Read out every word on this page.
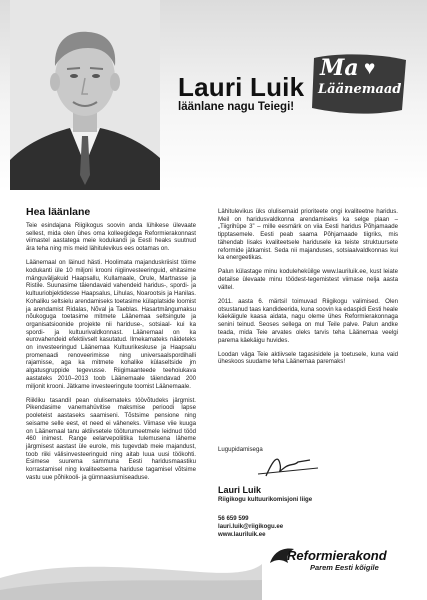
Lauri Luik
läänlane nagu Teiegi!
Ma ♥
Läänemaad
Hea läänlane

Teie esindajana Riigikogus soovin anda lühikese ülevaate sellest, mida olen ühes oma kolleegidega Reformierakonnast viimastel aastatega meie kodukandi ja Eesti heaks suutnud ära teha ning mis meid lähitulevikus ees ootamas on.

Läänemaal on läinud hästi. Hoolimata majanduskriisist töime kodukanti üle 10 miljoni krooni riigiinvesteeringuid, ehitasime mänguväljakuid Haapsallu, Kullamaale, Orule, Martnasse ja Ristile. Suunasime täiendavaid vahendeid haridus-, spordi- ja kultuuriobjektidesse Haapsalus, Lihulas, Noarootsis ja Hanilas. Kohaliku seltsielu arendamiseks toetasime külaplatside loomist ja arendamist Ridalas, Nõval ja Taeblas. Hasartmängumaksu nõukoguga toetasime mitmete Läänemaa seltsingute ja organisatsioonide projekte nii hariduse-, sotsiaal- kui ka spordi- ja kultuurivaldkonnast. Läänemaal on ka eurovahendeid efektiivselt kasutatud. Ilmekamateks näideteks on investeeringud Läänemaa Kultuurikeskuse ja Haapsalu promenaadi renoveerimisse ning universaalspordihalli rajamisse, aga ka mitmete kohalike külaseltside jm algatusgruppide tegevusse. Riigimaanteede teehoiukava aastateks 2010–2013 toob Läänemaale täiendavad 200 miljonit krooni. Jätkame investeeringute toomist Läänemaale.

Riikliku tasandil pean olulisemateks töövõtudeks järgmist. Pikendasime vanemahüvitise maksmise perioodi lapse pooleteist aastaseks saamiseni. Tõstsime pensione ning seisame selle eest, et need ei väheneks. Viimase viie kuuga on Läänemaal tanu aktiivsetele tööturumeetmele leidnud tööd 460 inimest. Range eelarvepoliitika tulemusena läheme järgmisest aastast üle eurole, mis tugevdab meie majandust, toob riiki välisinvesteeringuid ning aitab luua uusi töökohti. Esimese suurema sammuna Eesti haridusmaastiku korrastamisel ning kvaliteetsema hariduse tagamisel võtsime vastu uue põhikooli- ja gümnaasiumiseaduse.

Lähitulevikus üks olulisemaid prioriteete ongi kvaliteetne haridus. Meil on haridusvaldkonna arendamiseks ka selge plaan – „Tiigrihüpe 3” – mille eesmärk on viia Eesti haridus Põhjamaade tipptasemele. Eesti peab saama Põhjamaade tiigriks, mis tähendab lisaks kvaliteetsele haridusele ka teiste struktuursete reformide jätkamist. Seda nii majanduses, sotsiaalvaldkonnas kui ka energeetikas.

Palun külastage minu koduleheküilge www.lauriluik.ee, kust leiate detailse ülevaate minu töödest-tegemistest viimase nelja aasta vältel.

2011. aasta 6. märtsil toimuvad Riigikogu valimised. Olen otsustanud taas kandideerida, kuna soovin ka edaspidi Eesti heale käekäigule kaasa aidata, nagu oleme ühes Reformierakonnaga senini teinud. Seoses sellega on mul Teile palve. Palun andke teada, mida Teie arvates oleks tarvis teha Läänemaa veelgi parema käekäigu huvides.

Loodan väga Teie aktiivsele tagasisidele ja toetusele, kuna vaid üheskoos suudame teha Läänemaa paremaks!

Lugupidamisega
Lauri Luik
Riigikogu kultuurikomisjoni liige
56 659 599
lauri.luik@riigikogu.ee
www.lauriluik.ee
Reformierakond
Parem Eesti kõigile
